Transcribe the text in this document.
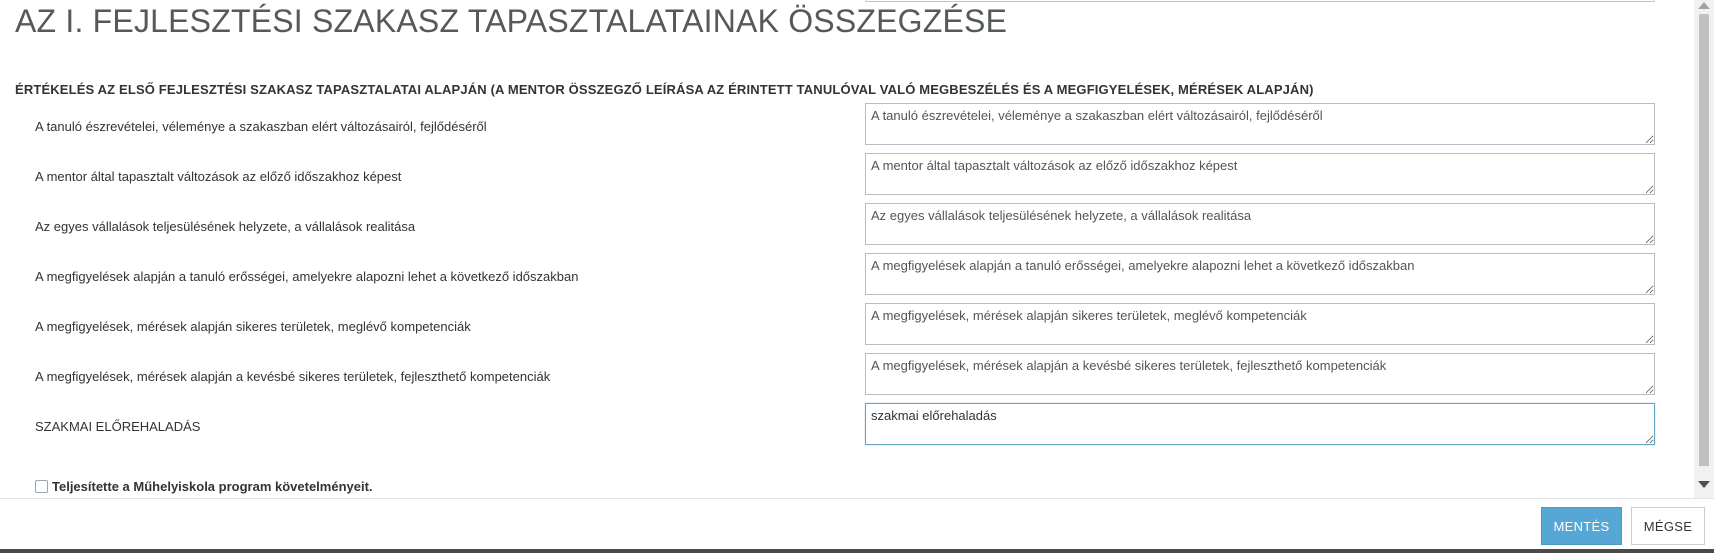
AZ I. FEJLESZTÉSI SZAKASZ TAPASZTALATAINAK ÖSSZEGZÉSE
ÉRTÉKELÉS AZ ELSŐ FEJLESZTÉSI SZAKASZ TAPASZTALATAI ALAPJÁN (A MENTOR ÖSSZEGZŐ LEÍRÁSA AZ ÉRINTETT TANULÓVAL VALÓ MEGBESZÉLÉS ÉS A MEGFIGYELÉSEK, MÉRÉSEK ALAPJÁN)
A tanuló észrevételei, véleménye a szakaszban elért változásairól, fejlődéséről
A tanuló észrevételei, véleménye a szakaszban elért változásairól, fejlődéséről
A mentor által tapasztalt változások az előző időszakhoz képest
A mentor által tapasztalt változások az előző időszakhoz képest
Az egyes vállalások teljesülésének helyzete, a vállalások realitása
Az egyes vállalások teljesülésének helyzete, a vállalások realitása
A megfigyelések alapján a tanuló erősségei, amelyekre alapozni lehet a következő időszakban
A megfigyelések alapján a tanuló erősségei, amelyekre alapozni lehet a következő időszakban
A megfigyelések, mérések alapján sikeres területek, meglévő kompetenciák
A megfigyelések, mérések alapján sikeres területek, meglévő kompetenciák
A megfigyelések, mérések alapján a kevésbé sikeres területek, fejleszthető kompetenciák
A megfigyelések, mérések alapján a kevésbé sikeres területek, fejleszthető kompetenciák
SZAKMAI ELŐREHALADÁS
szakmai előrehaladás
Teljesítette a Műhelyiskola program követelményeit.
MENTÉS	MÉGSE
